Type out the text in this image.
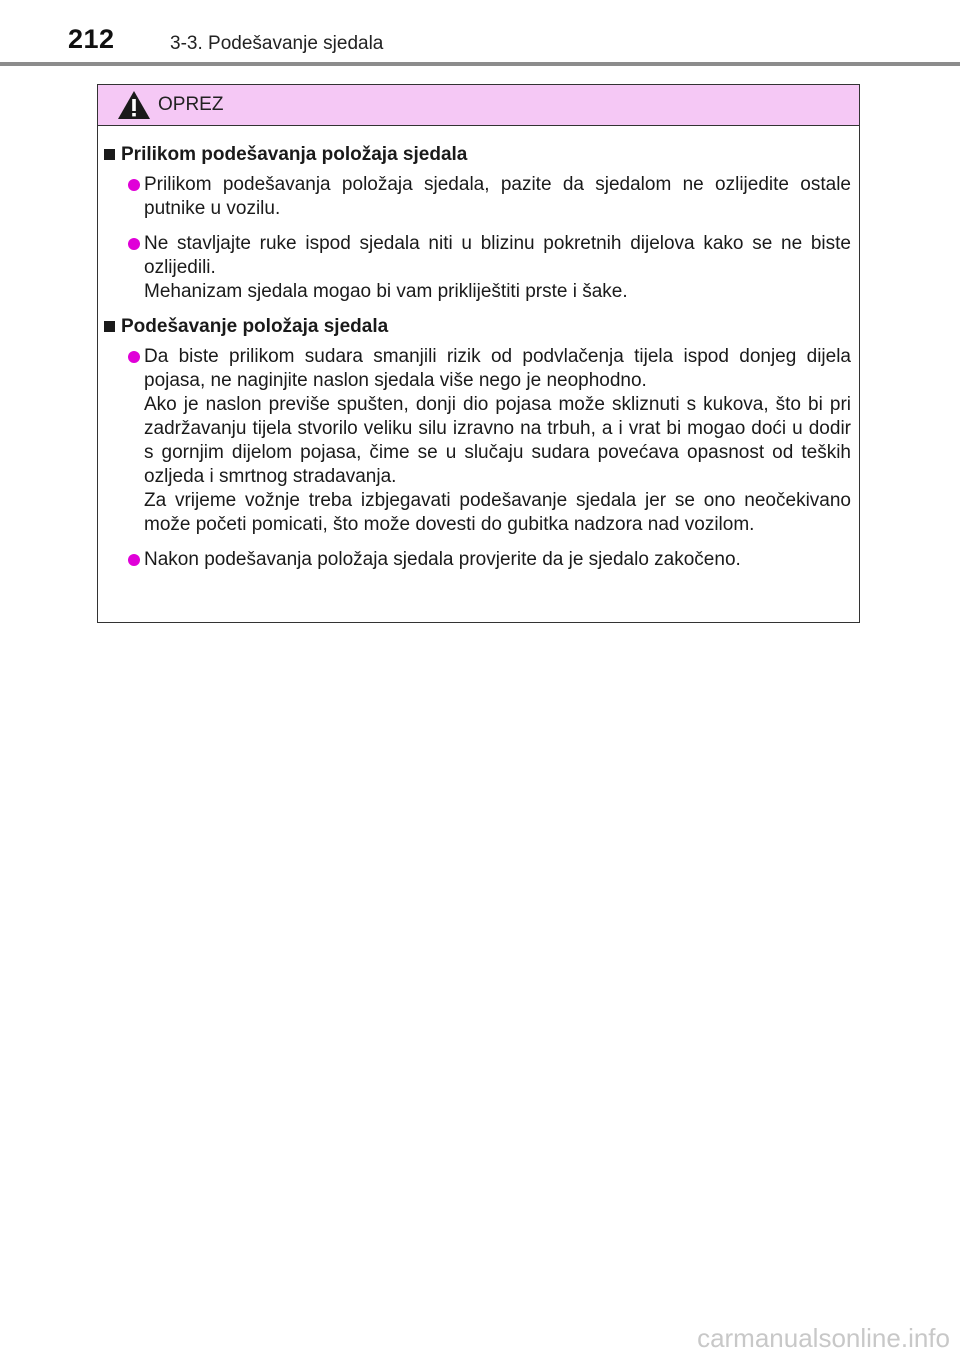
212	3-3. Podešavanje sjedala
OPREZ
Prilikom podešavanja položaja sjedala
Prilikom podešavanja položaja sjedala, pazite da sjedalom ne ozlijedite ostale putnike u vozilu.
Ne stavljajte ruke ispod sjedala niti u blizinu pokretnih dijelova kako se ne biste ozlijedili.
Mehanizam sjedala mogao bi vam prikliještiti prste i šake.
Podešavanje položaja sjedala
Da biste prilikom sudara smanjili rizik od podvlačenja tijela ispod donjeg dijela pojasa, ne naginjite naslon sjedala više nego je neophodno.
Ako je naslon previše spušten, donji dio pojasa može skliznuti s kukova, što bi pri zadržavanju tijela stvorilo veliku silu izravno na trbuh, a i vrat bi mogao doći u dodir s gornjim dijelom pojasa, čime se u slučaju sudara povećava opasnost od teških ozljeda i smrtnog stradavanja.
Za vrijeme vožnje treba izbjegavati podešavanje sjedala jer se ono neočekivano može početi pomicati, što može dovesti do gubitka nadzora nad vozilom.
Nakon podešavanja položaja sjedala provjerite da je sjedalo zakočeno.
carmanualsonline.info
